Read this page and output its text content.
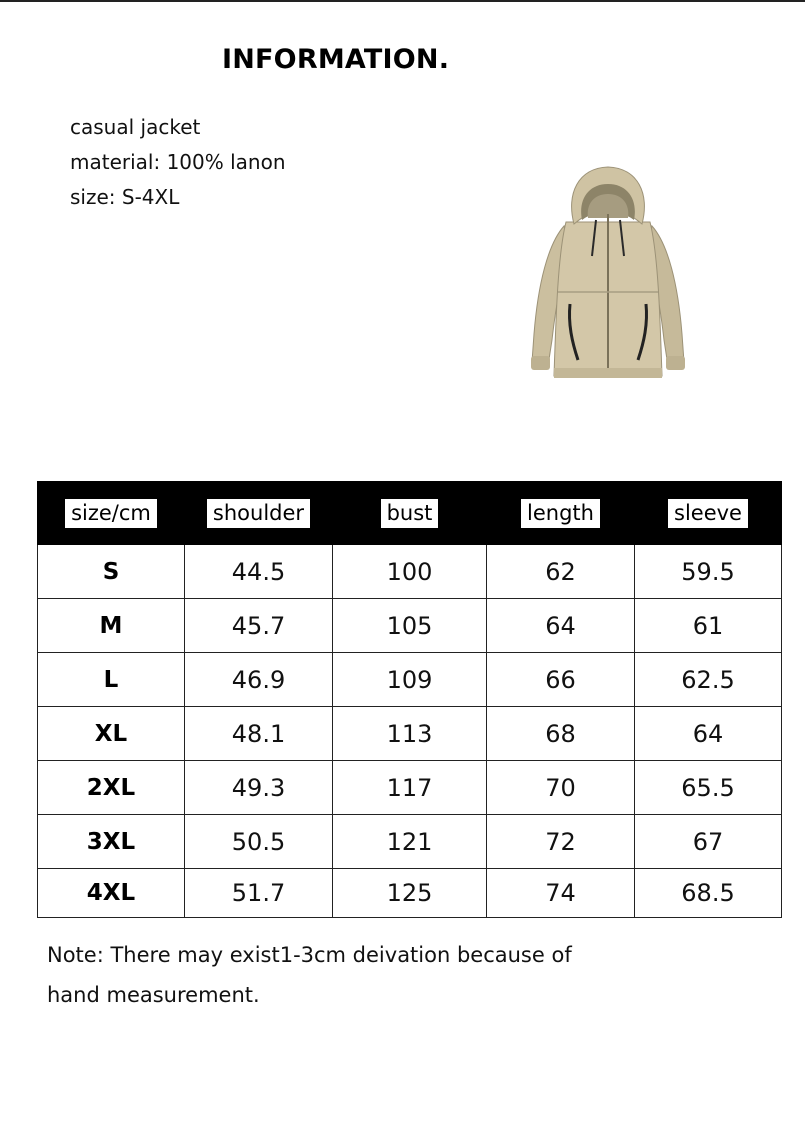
INFORMATION.
casual jacket
material: 100% lanon
size: S-4XL
size/cm	shoulder	bust	length	sleeve
S	44.5	100	62	59.5
M	45.7	105	64	61
L	46.9	109	66	62.5
XL	48.1	113	68	64
2XL	49.3	117	70	65.5
3XL	50.5	121	72	67
4XL	51.7	125	74	68.5
Note: There may exist1-3cm deivation because of hand measurement.
